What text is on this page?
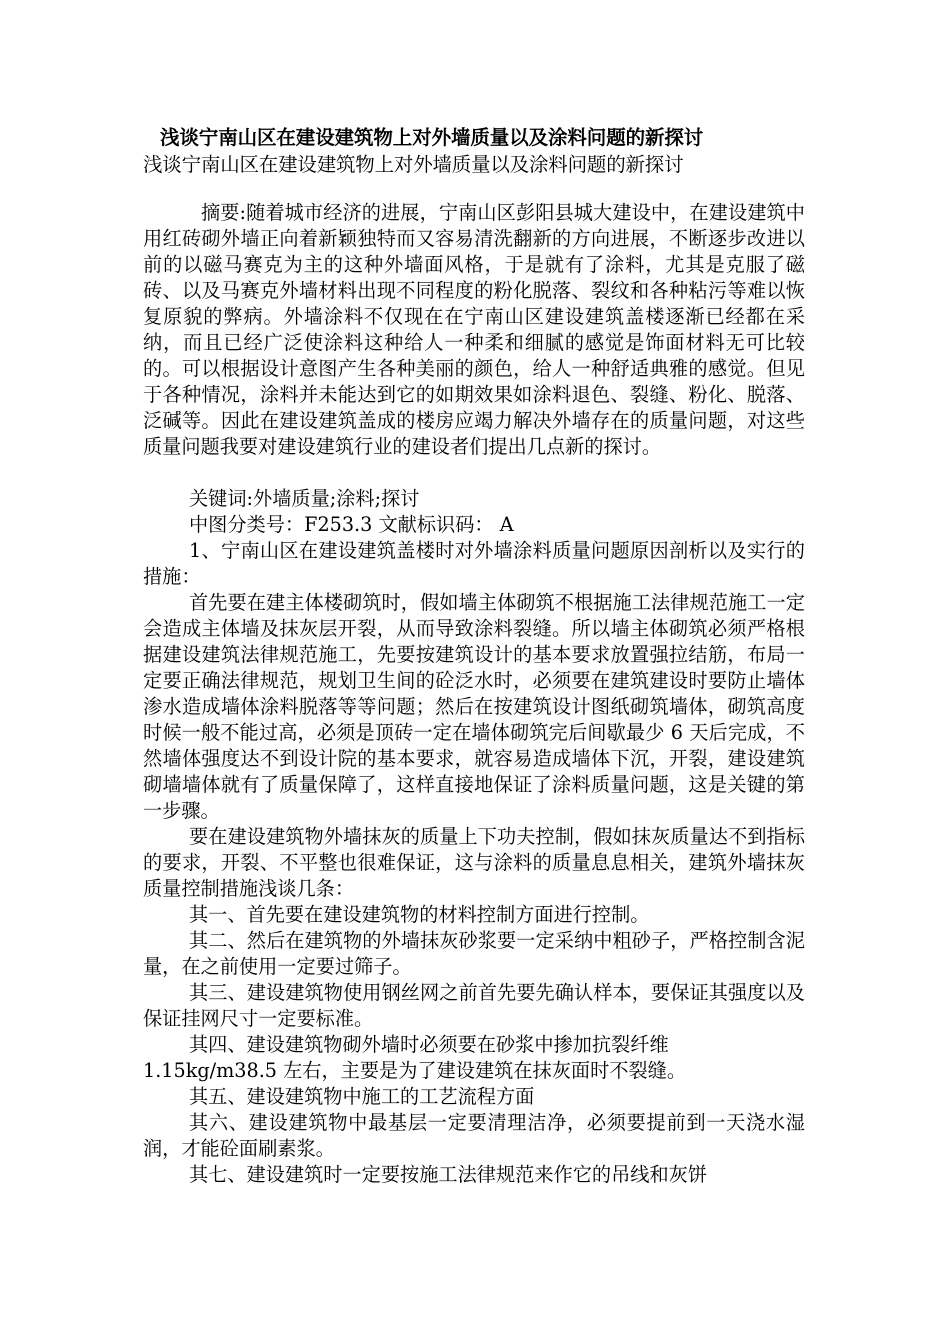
浅谈宁南山区在建设建筑物上对外墙质量以及涂料问题的新探讨
浅谈宁南山区在建设建筑物上对外墙质量以及涂料问题的新探讨

摘要:随着城市经济的进展，宁南山区彭阳县城大建设中，在建设建筑中用红砖砌外墙正向着新颖独特而又容易清洗翻新的方向进展，不断逐步改进以前的以磁马赛克为主的这种外墙面风格，于是就有了涂料，尤其是克服了磁砖、以及马赛克外墙材料出现不同程度的粉化脱落、裂纹和各种粘污等难以恢复原貌的弊病。外墙涂料不仅现在在宁南山区建设建筑盖楼逐渐已经都在采纳，而且已经广泛使涂料这种给人一种柔和细腻的感觉是饰面材料无可比较的。可以根据设计意图产生各种美丽的颜色，给人一种舒适典雅的感觉。但见于各种情况，涂料并未能达到它的如期效果如涂料退色、裂缝、粉化、脱落、泛碱等。因此在建设建筑盖成的楼房应竭力解决外墙存在的质量问题，对这些质量问题我要对建设建筑行业的建设者们提出几点新的探讨。

关键词:外墙质量;涂料;探讨

中图分类号：F253.3 文献标识码： A

1、宁南山区在建设建筑盖楼时对外墙涂料质量问题原因剖析以及实行的措施：

首先要在建主体楼砌筑时，假如墙主体砌筑不根据施工法律规范施工一定会造成主体墙及抹灰层开裂，从而导致涂料裂缝。所以墙主体砌筑必须严格根据建设建筑法律规范施工，先要按建筑设计的基本要求放置强拉结筋，布局一定要正确法律规范，规划卫生间的砼泛水时，必须要在建筑建设时要防止墙体渗水造成墙体涂料脱落等等问题；然后在按建筑设计图纸砌筑墙体，砌筑高度时候一般不能过高，必须是顶砖一定在墙体砌筑完后间歇最少 6 天后完成，不然墙体强度达不到设计院的基本要求，就容易造成墙体下沉，开裂，建设建筑砌墙墙体就有了质量保障了，这样直接地保证了涂料质量问题，这是关键的第一步骤。

要在建设建筑物外墙抹灰的质量上下功夫控制，假如抹灰质量达不到指标的要求，开裂、不平整也很难保证，这与涂料的质量息息相关，建筑外墙抹灰质量控制措施浅谈几条：

其一、首先要在建设建筑物的材料控制方面进行控制。

其二、然后在建筑物的外墙抹灰砂浆要一定采纳中粗砂子，严格控制含泥量，在之前使用一定要过筛子。

其三、建设建筑物使用钢丝网之前首先要先确认样本，要保证其强度以及保证挂网尺寸一定要标准。

其四、建设建筑物砌外墙时必须要在砂浆中掺加抗裂纤维
1.15kg/m38.5 左右，主要是为了建设建筑在抹灰面时不裂缝。

其五、建设建筑物中施工的工艺流程方面

其六、建设建筑物中最基层一定要清理洁净，必须要提前到一天浇水湿润，才能砼面刷素浆。

其七、建设建筑时一定要按施工法律规范来作它的吊线和灰饼
